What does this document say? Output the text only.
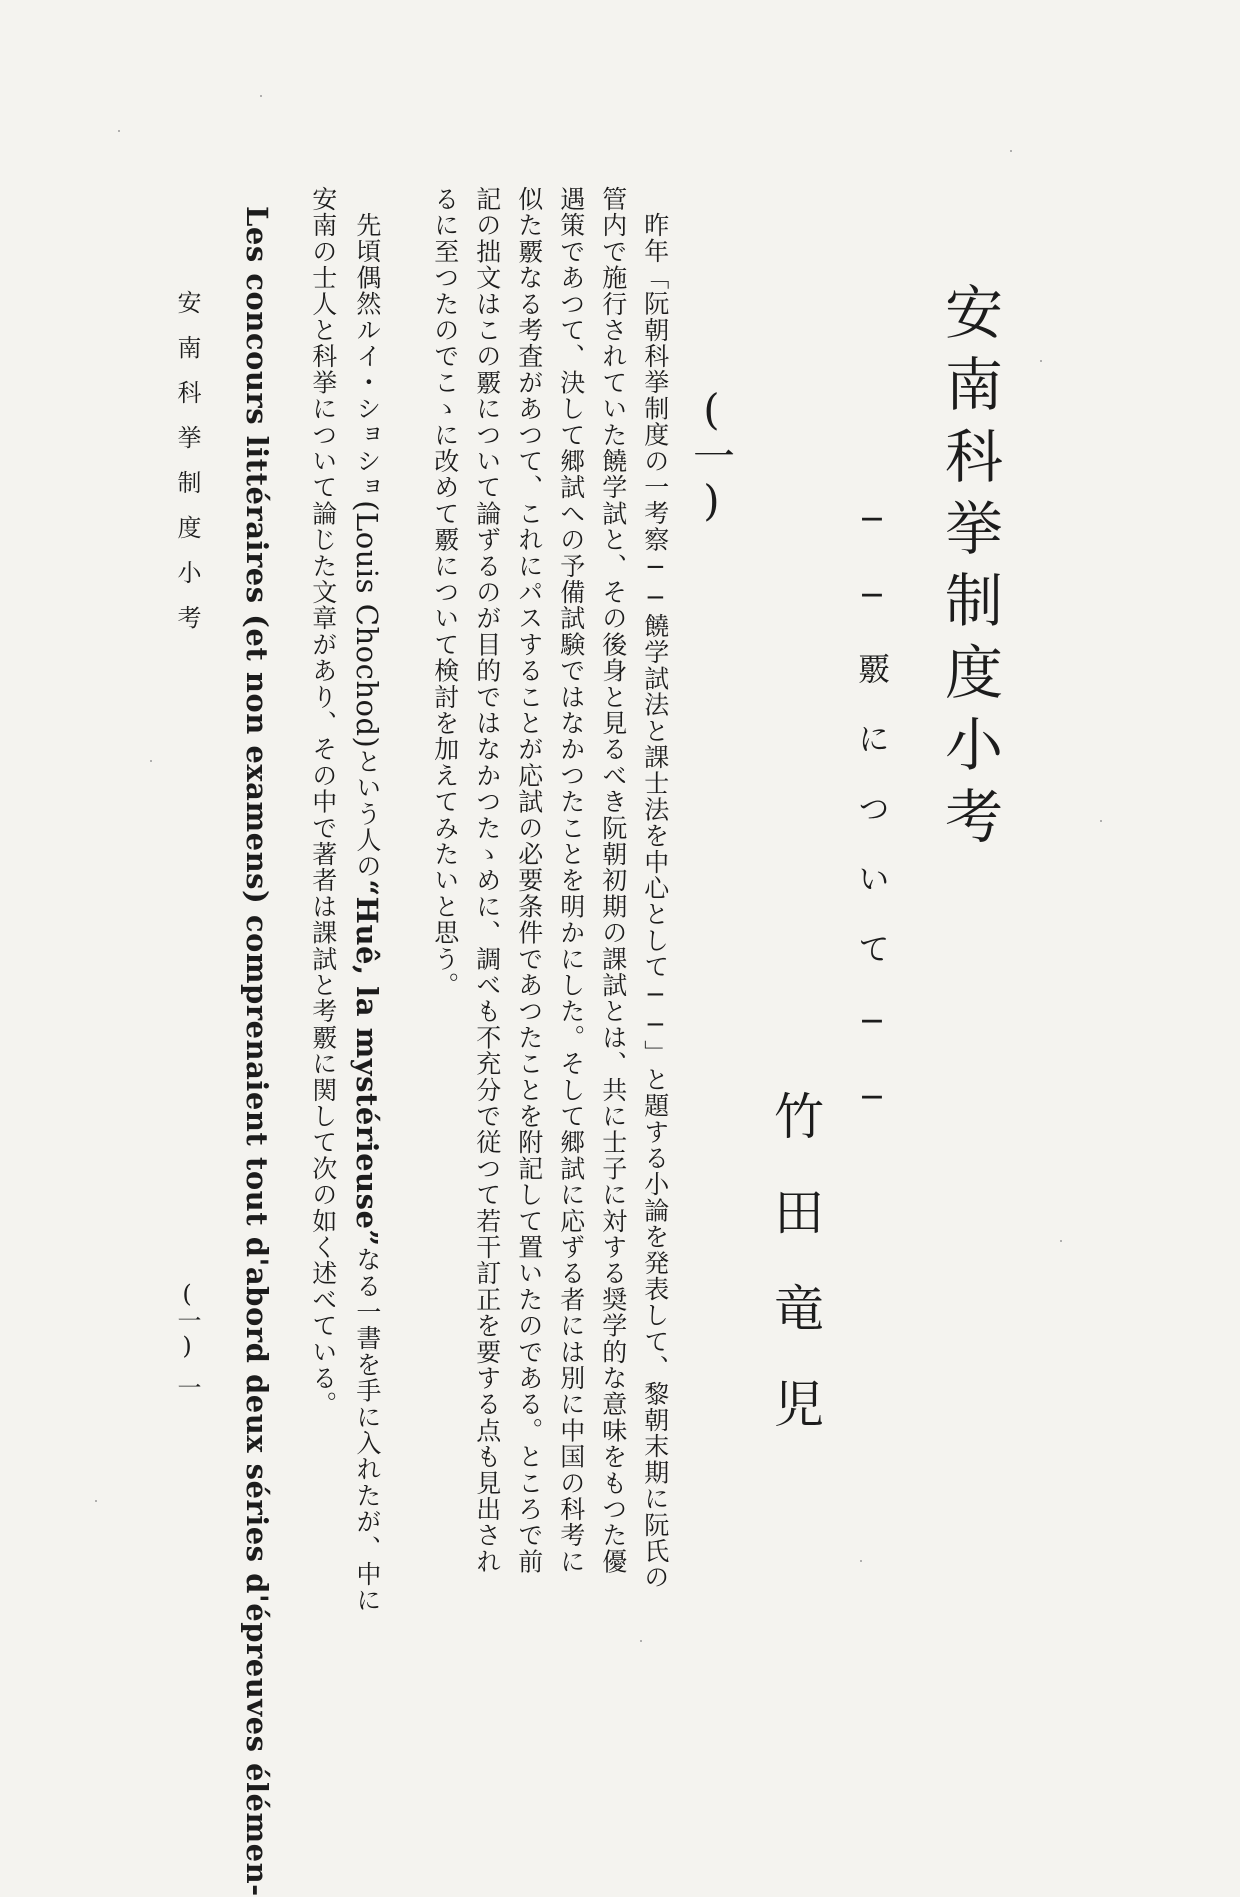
安南科挙制度小考
──覈について──
竹田竜児
(一)
昨年「阮朝科挙制度の一考察──饒学試法と課士法を中心として──」と題する小論を発表して、黎朝末期に阮氏の
管内で施行されていた饒学試と、その後身と見るべき阮朝初期の課試とは、共に士子に対する奨学的な意味をもつた優
遇策であつて、決して郷試への予備試験ではなかつたことを明かにした。そして郷試に応ずる者には別に中国の科考に
似た覈なる考査があつて、これにパスすることが応試の必要条件であつたことを附記して置いたのである。ところで前
記の拙文はこの覈について論ずるのが目的ではなかつたゝめに、調べも不充分で従つて若干訂正を要する点も見出され
るに至つたのでこゝに改めて覈について検討を加えてみたいと思う。
先頃偶然ルイ・ショショ(Louis Chochod)という人の“Huê, la mystérieuse”なる一書を手に入れたが、中に
安南の士人と科挙について論じた文章があり、その中で著者は課試と考覈に関して次の如く述べている。
Les concours littéraires (et non examens) comprenaient tout d'abord deux séries d'épreuves élémen-
安南科挙制度小考
(一)
一
